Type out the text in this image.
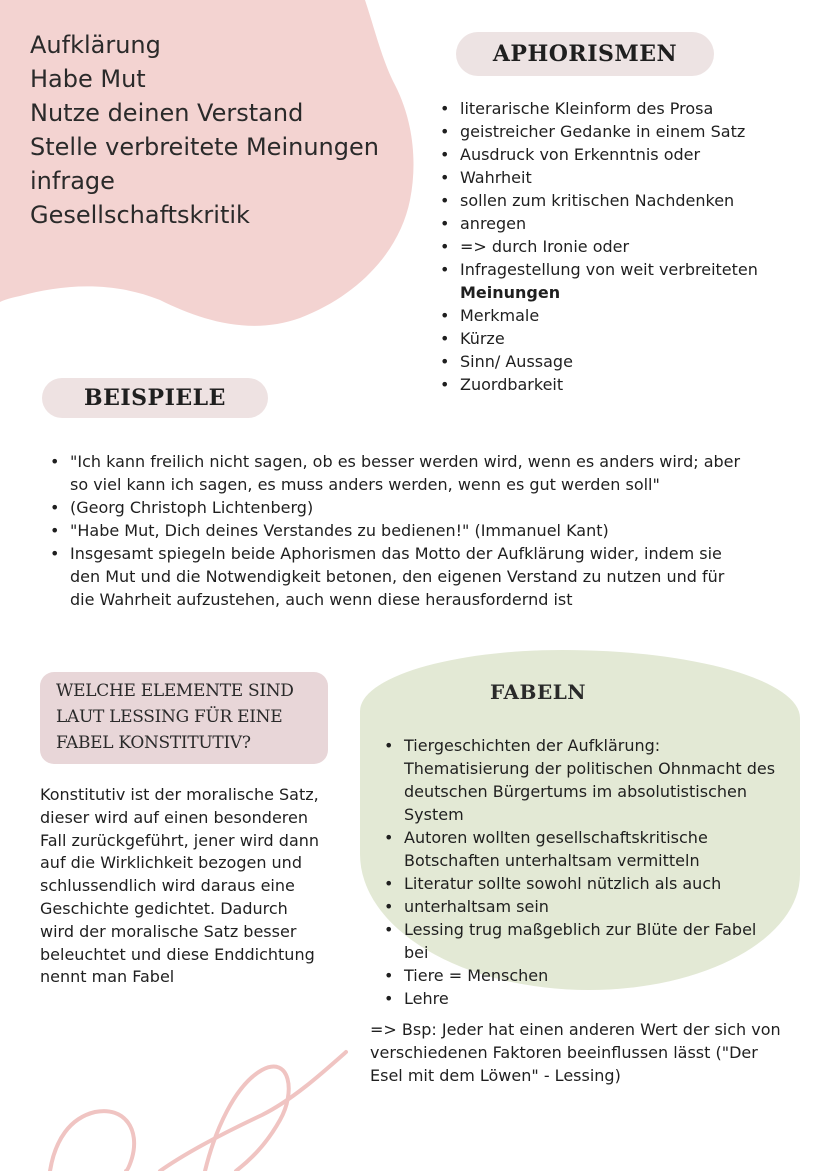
Aufklärung
Habe Mut
Nutze deinen Verstand
Stelle verbreitete Meinungen
infrage
Gesellschaftskritik
APHORISMEN
• literarische Kleinform des Prosa
• geistreicher Gedanke in einem Satz
• Ausdruck von Erkenntnis oder
• Wahrheit
• sollen zum kritischen Nachdenken
• anregen
• => durch Ironie oder
• Infragestellung von weit verbreiteten
Meinungen
• Merkmale
• Kürze
• Sinn/ Aussage
• Zuordbarkeit
BEISPIELE
• "Ich kann freilich nicht sagen, ob es besser werden wird, wenn es anders wird; aber so viel kann ich sagen, es muss anders werden, wenn es gut werden soll"
• (Georg Christoph Lichtenberg)
• "Habe Mut, Dich deines Verstandes zu bedienen!" (Immanuel Kant)
• Insgesamt spiegeln beide Aphorismen das Motto der Aufklärung wider, indem sie den Mut und die Notwendigkeit betonen, den eigenen Verstand zu nutzen und für die Wahrheit aufzustehen, auch wenn diese herausfordernd ist
WELCHE ELEMENTE SIND
LAUT LESSING FÜR EINE
FABEL KONSTITUTIV?
Konstitutiv ist der moralische Satz, dieser wird auf einen besonderen Fall zurückgeführt, jener wird dann auf die Wirklichkeit bezogen und schlussendlich wird daraus eine Geschichte gedichtet. Dadurch wird der moralische Satz besser beleuchtet und diese Enddichtung nennt man Fabel
FABELN
• Tiergeschichten der Aufklärung: Thematisierung der politischen Ohnmacht des deutschen Bürgertums im absolutistischen System
• Autoren wollten gesellschaftskritische Botschaften unterhaltsam vermitteln
• Literatur sollte sowohl nützlich als auch
• unterhaltsam sein
• Lessing trug maßgeblich zur Blüte der Fabel bei
• Tiere = Menschen
• Lehre
=> Bsp: Jeder hat einen anderen Wert der sich von verschiedenen Faktoren beeinflussen lässt ("Der Esel mit dem Löwen" - Lessing)
